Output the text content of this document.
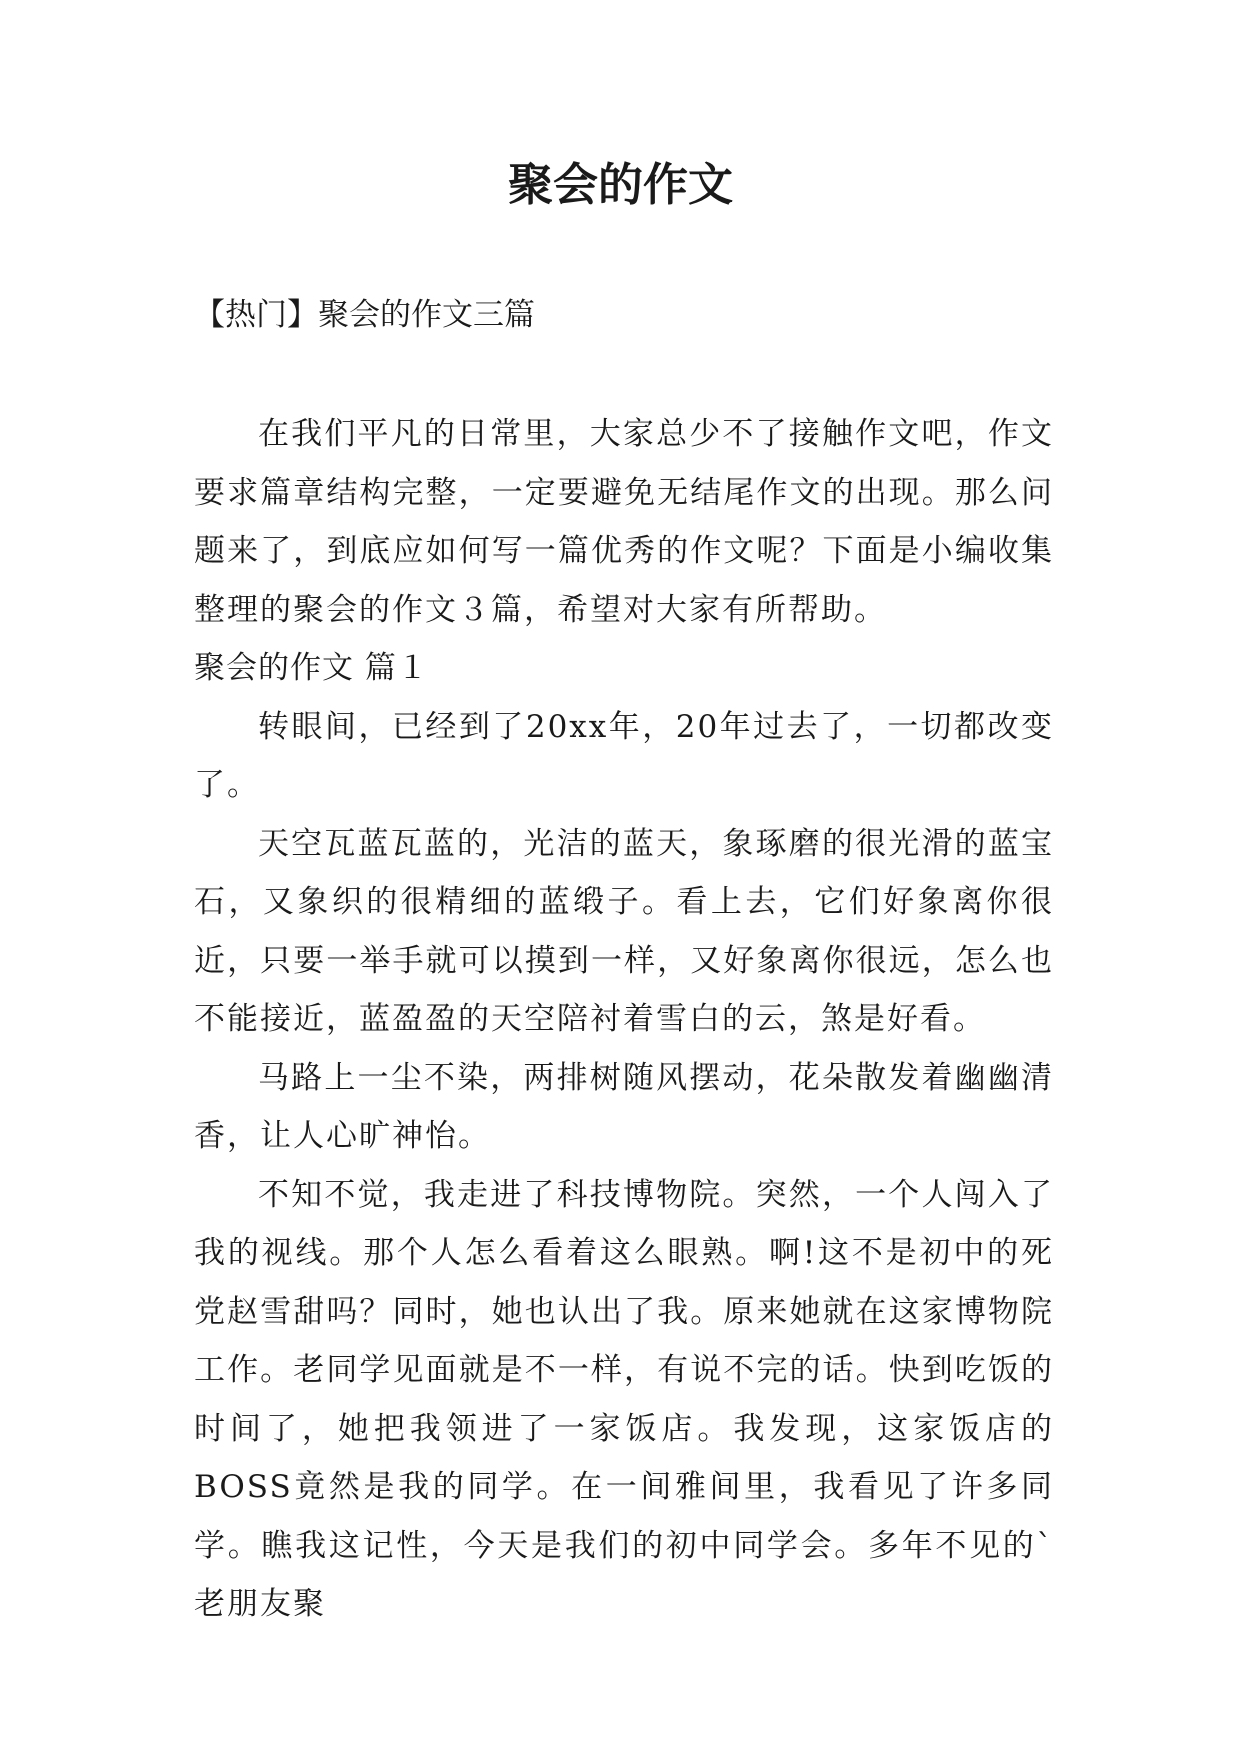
聚会的作文
【热门】聚会的作文三篇

在我们平凡的日常里，大家总少不了接触作文吧，作文要求篇章结构完整，一定要避免无结尾作文的出现。那么问题来了，到底应如何写一篇优秀的作文呢？下面是小编收集整理的聚会的作文３篇，希望对大家有所帮助。

聚会的作文 篇１

转眼间，已经到了20xx年，20年过去了，一切都改变了。

天空瓦蓝瓦蓝的，光洁的蓝天，象琢磨的很光滑的蓝宝石，又象织的很精细的蓝缎子。看上去，它们好象离你很近，只要一举手就可以摸到一样，又好象离你很远，怎么也不能接近，蓝盈盈的天空陪衬着雪白的云，煞是好看。

马路上一尘不染，两排树随风摆动，花朵散发着幽幽清香，让人心旷神怡。

不知不觉，我走进了科技博物院。突然，一个人闯入了我的视线。那个人怎么看着这么眼熟。啊!这不是初中的死党赵雪甜吗？同时，她也认出了我。原来她就在这家博物院工作。老同学见面就是不一样，有说不完的话。快到吃饭的时间了，她把我领进了一家饭店。我发现，这家饭店的BOSS竟然是我的同学。在一间雅间里，我看见了许多同学。瞧我这记性，今天是我们的初中同学会。多年不见的`老朋友聚
